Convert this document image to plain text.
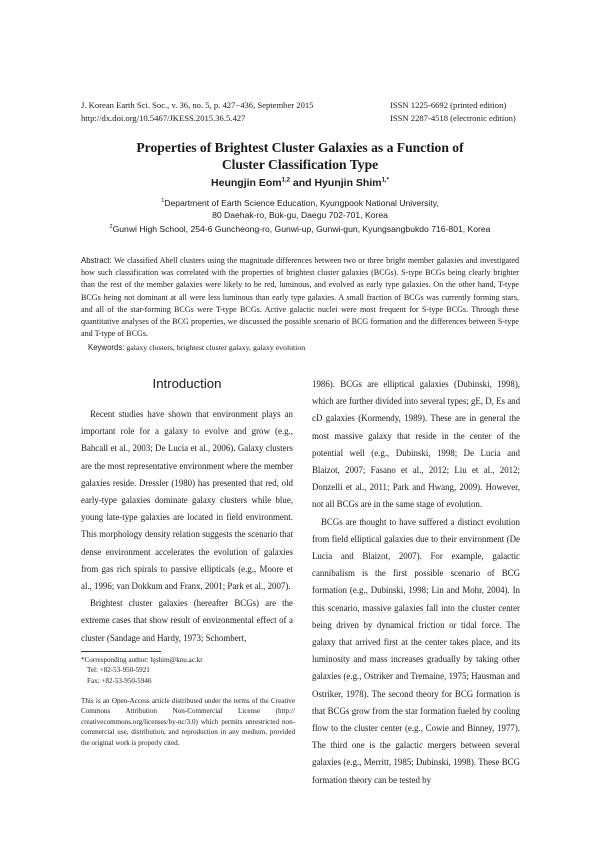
J. Korean Earth Sci. Soc., v. 36, no. 5, p. 427−436, September 2015
http://dx.doi.org/10.5467/JKESS.2015.36.5.427
ISSN 1225-6692 (printed edition)
ISSN 2287-4518 (electronic edition)
Properties of Brightest Cluster Galaxies as a Function of
Cluster Classification Type
Heungjin Eom$^{1,2}$ and Hyunjin Shim$^{1,*}$
$^1$Department of Earth Science Education, Kyungpook National University,
80 Daehak-ro, Buk-gu, Daegu 702-701, Korea
$^2$Gunwi High School, 254-6 Guncheong-ro, Gunwi-up, Gunwi-gun, Kyungsangbukdo 716-801, Korea
Abstract: We classified Abell clusters using the magnitude differences between two or three bright member galaxies and investigated how such classification was correlated with the properties of brightest cluster galaxies (BCGs). S-type BCGs being clearly brighter than the rest of the member galaxies were likely to be red, luminous, and evolved as early type galaxies. On the other hand, T-type BCGs being not dominant at all were less luminous than early type galaxies. A small fraction of BCGs was currently forming stars, and all of the star-forming BCGs were T-type BCGs. Active galactic nuclei were most frequent for S-type BCGs. Through these quantitative analyses of the BCG properties, we discussed the possible scenario of BCG formation and the differences between S-type and T-type of BCGs.
Keywords: galaxy clusters, brightest cluster galaxy, galaxy evolution
Introduction

Recent studies have shown that environment plays an important role for a galaxy to evolve and grow (e.g., Bahcall et al., 2003; De Lucia et al., 2006). Galaxy clusters are the most representative environment where the member galaxies reside. Dressler (1980) has presented that red, old early-type galaxies dominate galaxy clusters while blue, young late-type galaxies are located in field environment. This morphology density relation suggests the scenario that dense environment accelerates the evolution of galaxies from gas rich spirals to passive ellipticals (e.g., Moore et al., 1996; van Dokkum and Franx, 2001; Park et al., 2007).

Brightest cluster galaxies (hereafter BCGs) are the extreme cases that show result of environmental effect of a cluster (Sandage and Hardy, 1973; Schombert,

*Corresponding author: hjshim@knu.ac.kr
Tel: +82-53-950-5921
Fax: +82-53-950-5946
This is an Open-Access article distributed under the terms of the Creative Commons Attribution Non-Commercial License (http:// creativecommons.org/licenses/by-nc/3.0) which permits unrestricted non-commercial use, distribution, and reproduction in any medium, provided the original work is properly cited.

1986). BCGs are elliptical galaxies (Dubinski, 1998), which are further divided into several types; gE, D, Es and cD galaxies (Kormendy, 1989). These are in general the most massive galaxy that reside in the center of the potential well (e.g., Dubinski, 1998; De Lucia and Blaizot, 2007; Fasano et al., 2012; Liu et al., 2012; Donzelli et al., 2011; Park and Hwang, 2009). However, not all BCGs are in the same stage of evolution.

BCGs are thought to have suffered a distinct evolution from field elliptical galaxies due to their environment (De Lucia and Blaizot, 2007). For example, galactic cannibalism is the first possible scenario of BCG formation (e.g., Dubinski, 1998; Lin and Mohr, 2004). In this scenario, massive galaxies fall into the cluster center being driven by dynamical friction or tidal force. The galaxy that arrived first at the center takes place, and its luminosity and mass increases gradually by taking other galaxies (e.g., Ostriker and Tremaine, 1975; Hausman and Ostriker, 1978). The second theory for BCG formation is that BCGs grow from the star formation fueled by cooling flow to the cluster center (e.g., Cowie and Binney, 1977). The third one is the galactic mergers between several galaxies (e.g., Merritt, 1985; Dubinski, 1998). These BCG formation theory can be tested by
